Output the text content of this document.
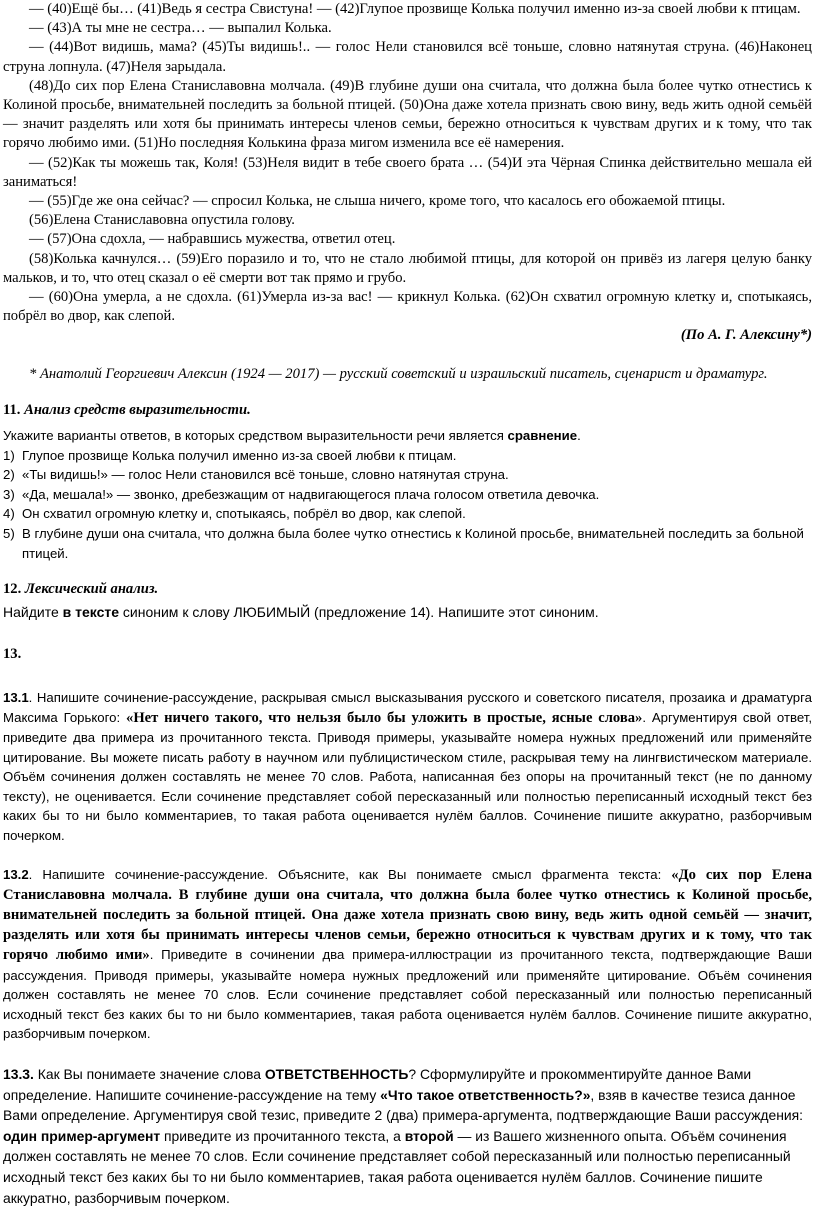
— (40)Ещё бы… (41)Ведь я сестра Свистуна! — (42)Глупое прозвище Колька получил именно из-за своей любви к птицам.

— (43)А ты мне не сестра… — выпалил Колька.

— (44)Вот видишь, мама? (45)Ты видишь!.. — голос Нели становился всё тоньше, словно натянутая струна. (46)Наконец струна лопнула. (47)Неля зарыдала.

(48)До сих пор Елена Станиславовна молчала. (49)В глубине души она считала, что должна была более чутко отнестись к Колиной просьбе, внимательней последить за больной птицей. (50)Она даже хотела признать свою вину, ведь жить одной семьёй — значит разделять или хотя бы принимать интересы членов семьи, бережно относиться к чувствам других и к тому, что так горячо любимо ими. (51)Но последняя Колькина фраза мигом изменила все её намерения.

— (52)Как ты можешь так, Коля! (53)Неля видит в тебе своего брата … (54)И эта Чёрная Спинка действительно мешала ей заниматься!

— (55)Где же она сейчас? — спросил Колька, не слыша ничего, кроме того, что касалось его обожаемой птицы.

(56)Елена Станиславовна опустила голову.

— (57)Она сдохла, — набравшись мужества, ответил отец.

(58)Колька качнулся… (59)Его поразило и то, что не стало любимой птицы, для которой он привёз из лагеря целую банку мальков, и то, что отец сказал о её смерти вот так прямо и грубо.

— (60)Она умерла, а не сдохла. (61)Умерла из-за вас! — крикнул Колька. (62)Он схватил огромную клетку и, спотыкаясь, побрёл во двор, как слепой.

(По А. Г. Алексину*)

* Анатолий Георгиевич Алексин (1924 — 2017) — русский советский и израильский писатель, сценарист и драматург.

11. Анализ средств выразительности.

Укажите варианты ответов, в которых средством выразительности речи является сравнение.

1) Глупое прозвище Колька получил именно из-за своей любви к птицам.
2) «Ты видишь!» — голос Нели становился всё тоньше, словно натянутая струна.
3) «Да, мешала!» — звонко, дребезжащим от надвигающегося плача голосом ответила девочка.
4) Он схватил огромную клетку и, спотыкаясь, побрёл во двор, как слепой.
5) В глубине души она считала, что должна была более чутко отнестись к Колиной просьбе, внимательней последить за больной птицей.

12. Лексический анализ.

Найдите в тексте синоним к слову ЛЮБИМЫЙ (предложение 14). Напишите этот синоним.

13.

13.1. Напишите сочинение-рассуждение, раскрывая смысл высказывания русского и советского писателя, прозаика и драматурга Максима Горького: «Нет ничего такого, что нельзя было бы уложить в простые, ясные слова». Аргументируя свой ответ, приведите два примера из прочитанного текста. Приводя примеры, указывайте номера нужных предложений или применяйте цитирование. Вы можете писать работу в научном или публицистическом стиле, раскрывая тему на лингвистическом материале. Объём сочинения должен составлять не менее 70 слов. Работа, написанная без опоры на прочитанный текст (не по данному тексту), не оценивается. Если сочинение представляет собой пересказанный или полностью переписанный исходный текст без каких бы то ни было комментариев, то такая работа оценивается нулём баллов. Сочинение пишите аккуратно, разборчивым почерком.

13.2. Напишите сочинение-рассуждение. Объясните, как Вы понимаете смысл фрагмента текста: «До сих пор Елена Станиславовна молчала. В глубине души она считала, что должна была более чутко отнестись к Колиной просьбе, внимательней последить за больной птицей. Она даже хотела признать свою вину, ведь жить одной семьёй — значит, разделять или хотя бы принимать интересы членов семьи, бережно относиться к чувствам других и к тому, что так горячо любимо ими». Приведите в сочинении два примера-иллюстрации из прочитанного текста, подтверждающие Ваши рассуждения. Приводя примеры, указывайте номера нужных предложений или применяйте цитирование. Объём сочинения должен составлять не менее 70 слов. Если сочинение представляет собой пересказанный или полностью переписанный исходный текст без каких бы то ни было комментариев, такая работа оценивается нулём баллов. Сочинение пишите аккуратно, разборчивым почерком.

13.3. Как Вы понимаете значение слова ОТВЕТСТВЕННОСТЬ? Сформулируйте и прокомментируйте данное Вами определение. Напишите сочинение-рассуждение на тему «Что такое ответственность?», взяв в качестве тезиса данное Вами определение. Аргументируя свой тезис, приведите 2 (два) примера-аргумента, подтверждающие Ваши рассуждения: один пример-аргумент приведите из прочитанного текста, а второй — из Вашего жизненного опыта. Объём сочинения должен составлять не менее 70 слов. Если сочинение представляет собой пересказанный или полностью переписанный исходный текст без каких бы то ни было комментариев, такая работа оценивается нулём баллов. Сочинение пишите аккуратно, разборчивым почерком.
